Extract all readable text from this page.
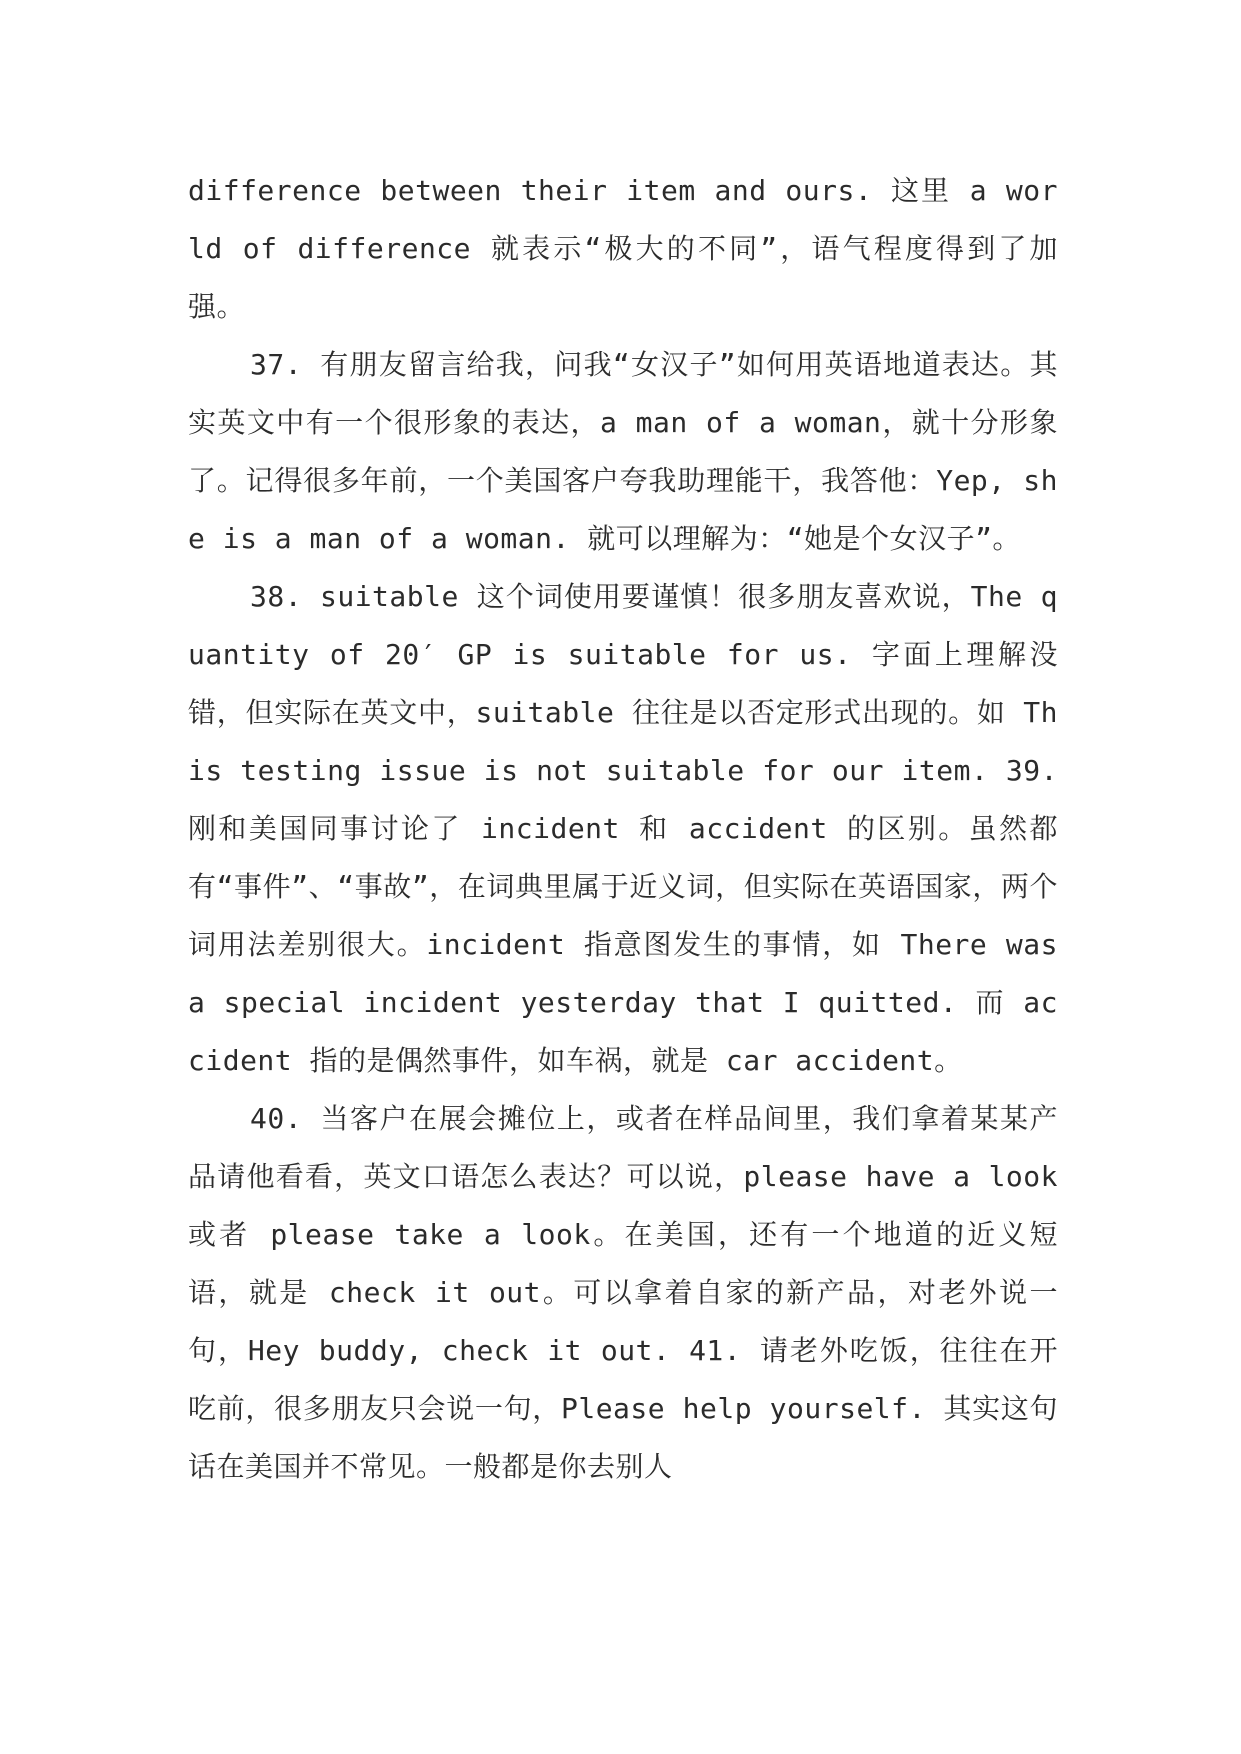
difference between their item and ours. 这里 a world of difference 就表示“极大的不同”，语气程度得到了加强。

37. 有朋友留言给我，问我“女汉子”如何用英语地道表达。其实英文中有一个很形象的表达，a man of a woman，就十分形象了。记得很多年前，一个美国客户夸我助理能干，我答他：Yep, she is a man of a woman. 就可以理解为：“她是个女汉子”。

38. suitable 这个词使用要谨慎！很多朋友喜欢说，The quantity of 20′ GP is suitable for us. 字面上理解没错，但实际在英文中，suitable 往往是以否定形式出现的。如 This testing issue is not suitable for our item. 39. 刚和美国同事讨论了 incident 和 accident 的区别。虽然都有“事件”、“事故”，在词典里属于近义词，但实际在英语国家，两个词用法差别很大。incident 指意图发生的事情，如 There was a special incident yesterday that I quitted. 而 accident 指的是偶然事件，如车祸，就是 car accident。

40. 当客户在展会摊位上，或者在样品间里，我们拿着某某产品请他看看，英文口语怎么表达？可以说，please have a look 或者 please take a look。在美国，还有一个地道的近义短语，就是 check it out。可以拿着自家的新产品，对老外说一句，Hey buddy, check it out. 41. 请老外吃饭，往往在开吃前，很多朋友只会说一句，Please help yourself. 其实这句话在美国并不常见。一般都是你去别人
